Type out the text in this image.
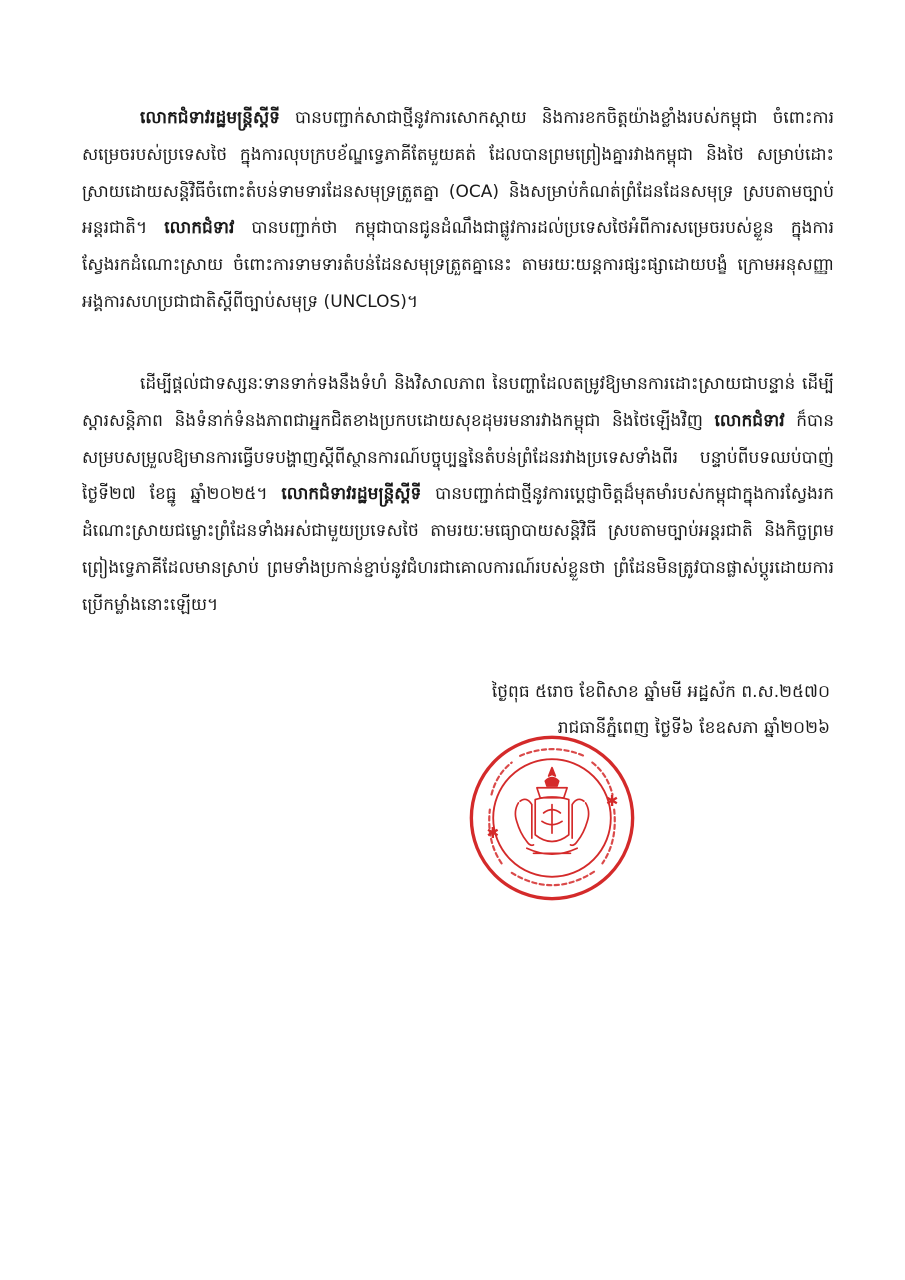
លោកជំទាវរដ្ឋមន្ត្រីស្តីទី បានបញ្ជាក់សាជាថ្មីនូវការសោកស្តាយ និងការខកចិត្តយ៉ាងខ្លាំងរបស់កម្ពុជា ចំពោះការសម្រេចរបស់ប្រទេសថៃ ក្នុងការលុបក្របខ័ណ្ឌទ្វេភាគីតែមួយគត់ ដែលបានព្រមព្រៀងគ្នារវាងកម្ពុជា និងថៃ សម្រាប់ដោះស្រាយដោយសន្តិវិធីចំពោះតំបន់ទាមទារដែនសមុទ្រត្រួតគ្នា (OCA) និងសម្រាប់កំណត់ព្រំដែនដែនសមុទ្រ ស្របតាមច្បាប់អន្តរជាតិ។ លោកជំទាវ បានបញ្ជាក់ថា កម្ពុជាបានជូនដំណឹងជាផ្លូវការដល់ប្រទេសថៃអំពីការសម្រេចរបស់ខ្លួន ក្នុងការស្វែងរកដំណោះស្រាយ ចំពោះការទាមទារតំបន់ដែនសមុទ្រត្រួតគ្នានេះ តាមរយៈយន្តការផ្សះផ្សាដោយបង្ខំ ក្រោមអនុសញ្ញាអង្គការសហប្រជាជាតិស្តីពីច្បាប់សមុទ្រ (UNCLOS)។

ដើម្បីផ្តល់ជាទស្សនៈទានទាក់ទងនឹងទំហំ និងវិសាលភាព នៃបញ្ហាដែលតម្រូវឱ្យមានការដោះស្រាយជាបន្ទាន់ ដើម្បីស្តារសន្តិភាព និងទំនាក់ទំនងភាពជាអ្នកជិតខាងប្រកបដោយសុខដុមរមនារវាងកម្ពុជា និងថៃឡើងវិញ លោកជំទាវ ក៏បានសម្របសម្រួលឱ្យមានការធ្វើបទបង្ហាញស្តីពីស្ថានការណ៍បច្ចុប្បន្ននៃតំបន់ព្រំដែនរវាងប្រទេសទាំងពីរ បន្ទាប់ពីបទឈប់បាញ់ថ្ងៃទី២៧ ខែធ្នូ ឆ្នាំ២០២៥។ លោកជំទាវរដ្ឋមន្ត្រីស្តីទី បានបញ្ជាក់ជាថ្មីនូវការប្តេជ្ញាចិត្តដ៏មុតមាំរបស់កម្ពុជាក្នុងការស្វែងរកដំណោះស្រាយជម្លោះព្រំដែនទាំងអស់ជាមួយប្រទេសថៃ តាមរយៈមធ្យោបាយសន្តិវិធី ស្របតាមច្បាប់អន្តរជាតិ និងកិច្ចព្រមព្រៀងទ្វេភាគីដែលមានស្រាប់ ព្រមទាំងប្រកាន់ខ្ជាប់នូវជំហរជាគោលការណ៍របស់ខ្លួនថា ព្រំដែនមិនត្រូវបានផ្លាស់ប្តូរដោយការប្រើកម្លាំងនោះឡើយ។

ថ្ងៃពុធ ៥រោច ខែពិសាខ ឆ្នាំមមី អដ្ឋស័ក ព.ស.២៥៧០
រាជធានីភ្នំពេញ ថ្ងៃទី៦ ខែឧសភា ឆ្នាំ២០២៦
✱
✱
